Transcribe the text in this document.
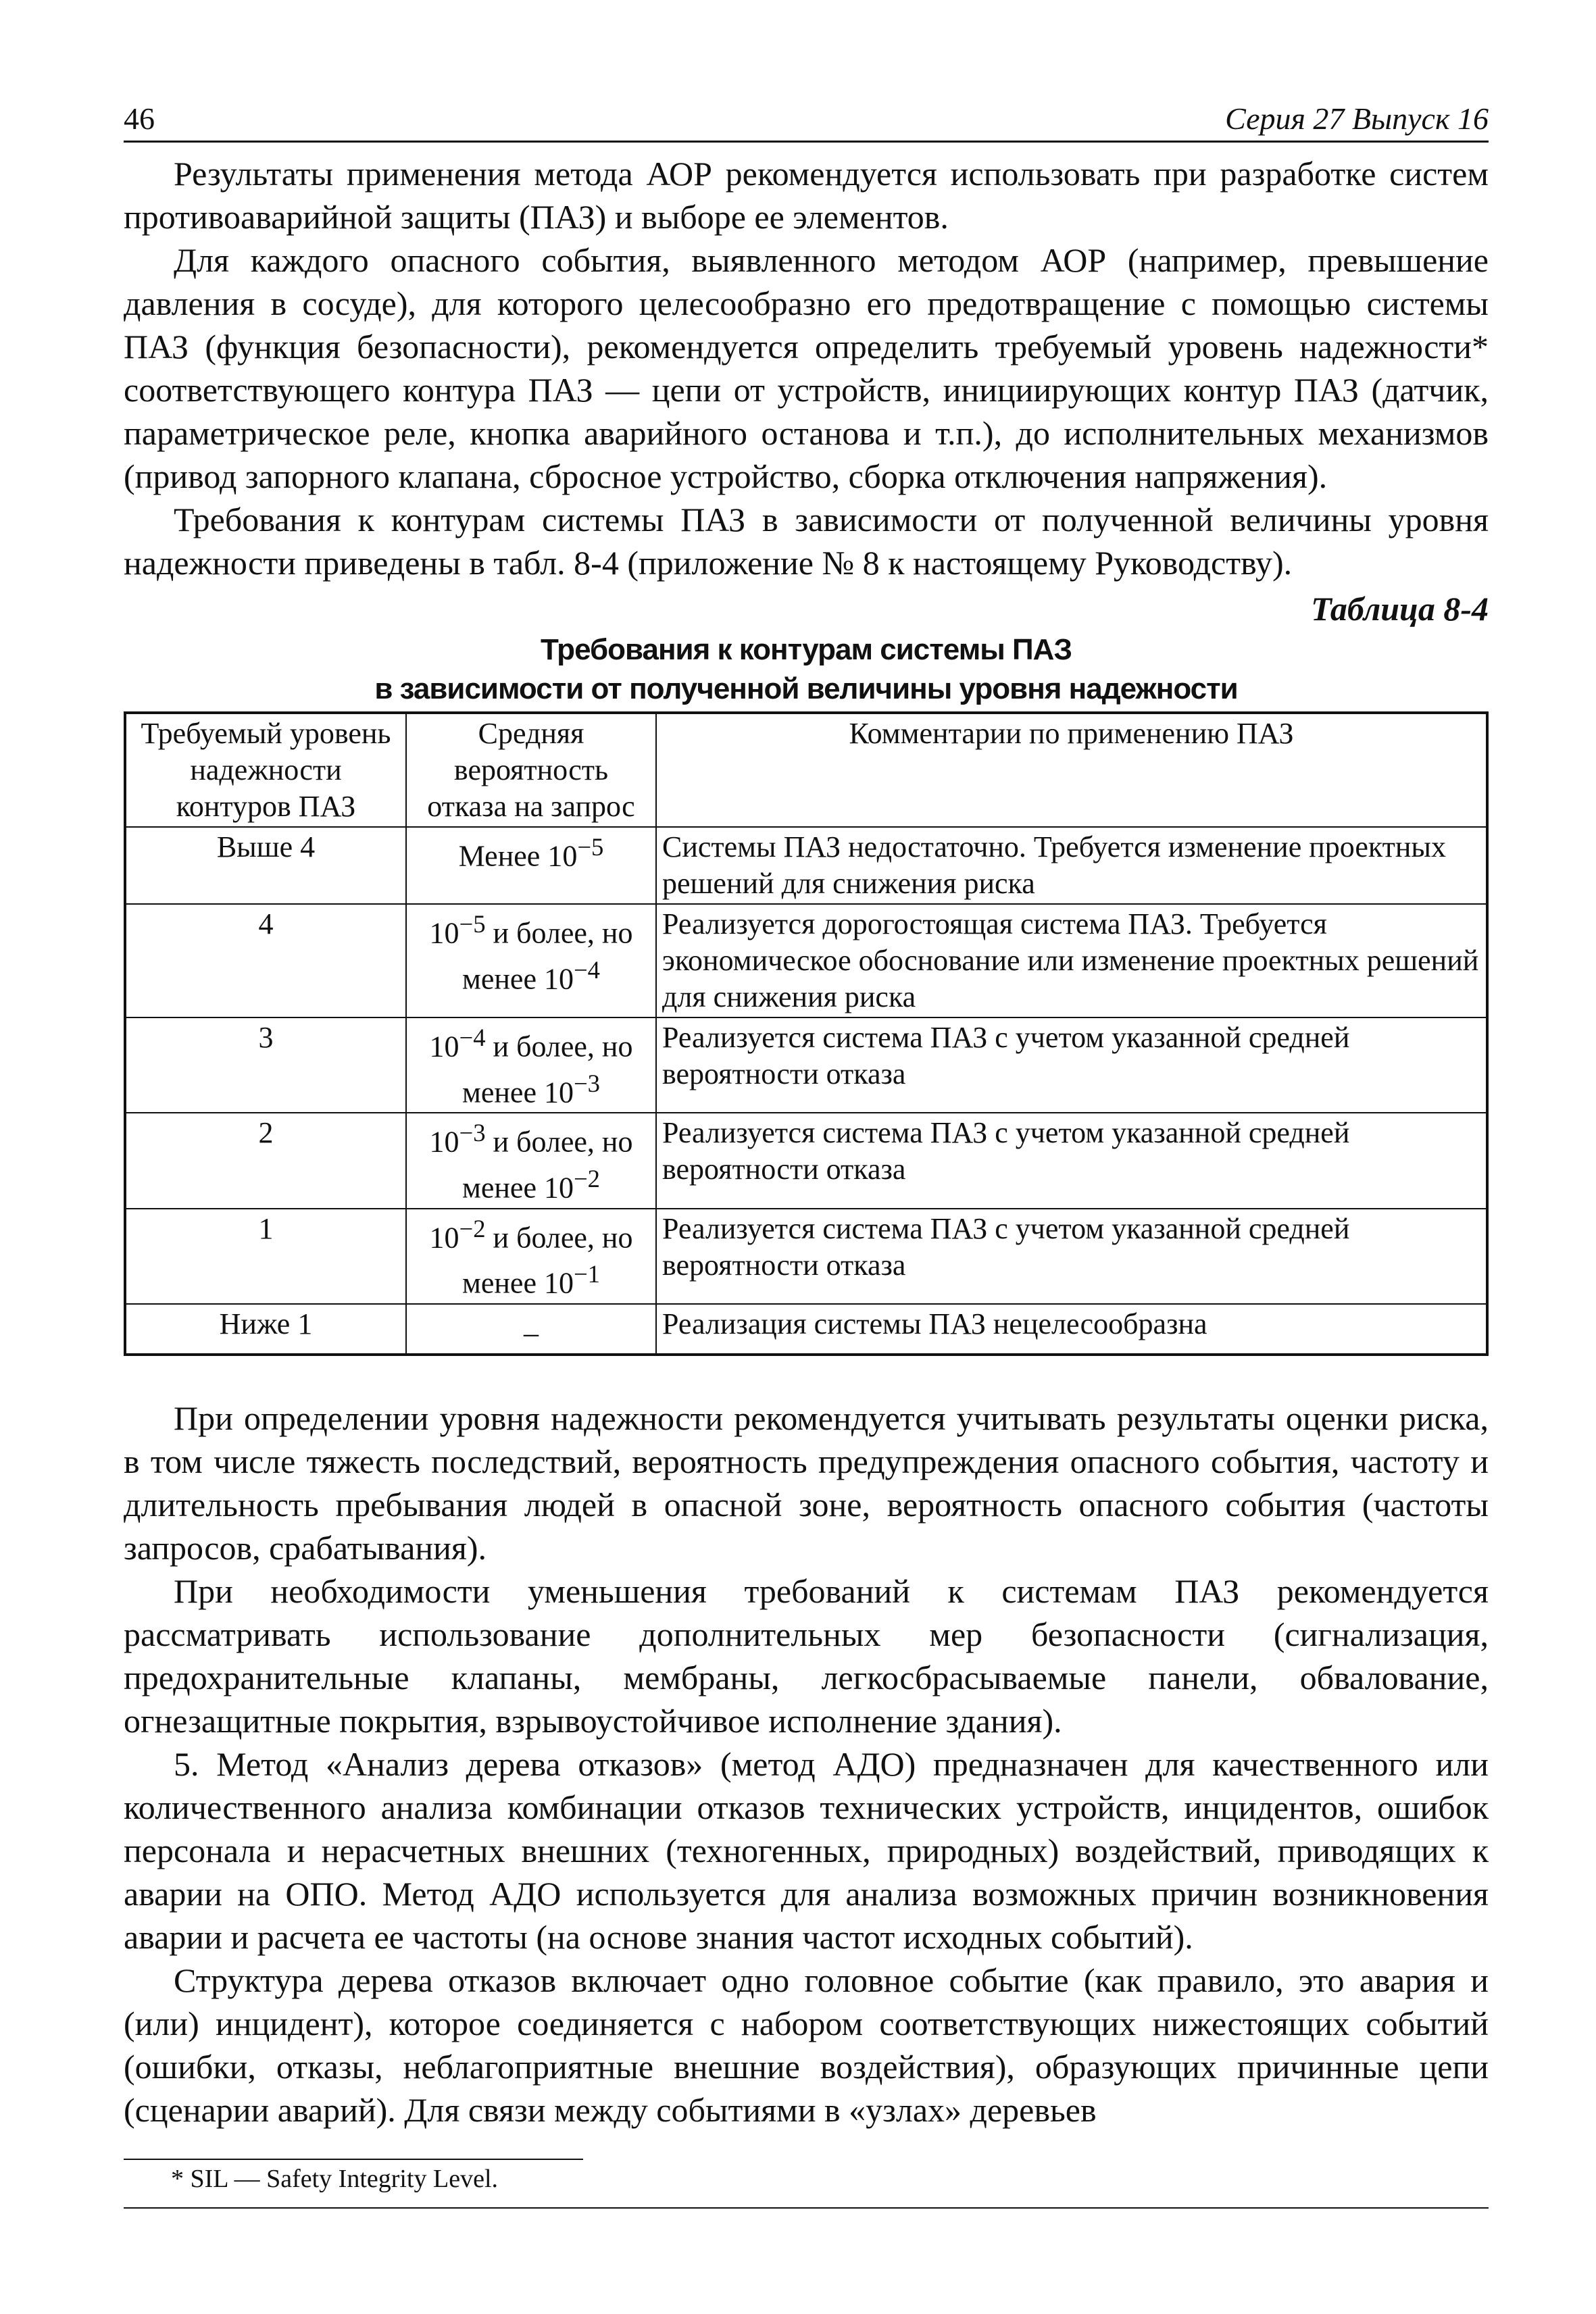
46	Серия 27 Выпуск 16

Результаты применения метода АОР рекомендуется использовать при разработке систем противоаварийной защиты (ПАЗ) и выборе ее элементов.

Для каждого опасного события, выявленного методом АОР (например, превышение давления в сосуде), для которого целесообразно его предотвращение с помощью системы ПАЗ (функция безопасности), рекомендуется определить требуемый уровень надежности* соответствующего контура ПАЗ — цепи от устройств, инициирующих контур ПАЗ (датчик, параметрическое реле, кнопка аварийного останова и т.п.), до исполнительных механизмов (привод запорного клапана, сбросное устройство, сборка отключения напряжения).

Требования к контурам системы ПАЗ в зависимости от полученной величины уровня надежности приведены в табл. 8-4 (приложение № 8 к настоящему Руководству).

Таблица 8-4
Требования к контурам системы ПАЗ
в зависимости от полученной величины уровня надежности
Требуемый уровень надежности контуров ПАЗ	Средняя вероятность отказа на запрос	Комментарии по применению ПАЗ
Выше 4	Менее $10^{-5}$	Системы ПАЗ недостаточно. Требуется изменение проектных решений для снижения риска
4	$10^{-5}$ и более, но менее $10^{-4}$	Реализуется дорогостоящая система ПАЗ. Требуется экономическое обоснование или изменение проектных решений для снижения риска
3	$10^{-4}$ и более, но менее $10^{-3}$	Реализуется система ПАЗ с учетом указанной средней вероятности отказа
2	$10^{-3}$ и более, но менее $10^{-2}$	Реализуется система ПАЗ с учетом указанной средней вероятности отказа
1	$10^{-2}$ и более, но менее $10^{-1}$	Реализуется система ПАЗ с учетом указанной средней вероятности отказа
Ниже 1	–	Реализация системы ПАЗ нецелесообразна

При определении уровня надежности рекомендуется учитывать результаты оценки риска, в том числе тяжесть последствий, вероятность предупреждения опасного события, частоту и длительность пребывания людей в опасной зоне, вероятность опасного события (частоты запросов, срабатывания).

При необходимости уменьшения требований к системам ПАЗ рекомендуется рассматривать использование дополнительных мер безопасности (сигнализация, предохранительные клапаны, мембраны, легкосбрасываемые панели, обвалование, огнезащитные покрытия, взрывоустойчивое исполнение здания).

5. Метод «Анализ дерева отказов» (метод АДО) предназначен для качественного или количественного анализа комбинации отказов технических устройств, инцидентов, ошибок персонала и нерасчетных внешних (техногенных, природных) воздействий, приводящих к аварии на ОПО. Метод АДО используется для анализа возможных причин возникновения аварии и расчета ее частоты (на основе знания частот исходных событий).

Структура дерева отказов включает одно головное событие (как правило, это авария и (или) инцидент), которое соединяется с набором соответствующих нижестоящих событий (ошибки, отказы, неблагоприятные внешние воздействия), образующих причинные цепи (сценарии аварий). Для связи между событиями в «узлах» деревьев

* SIL — Safety Integrity Level.
